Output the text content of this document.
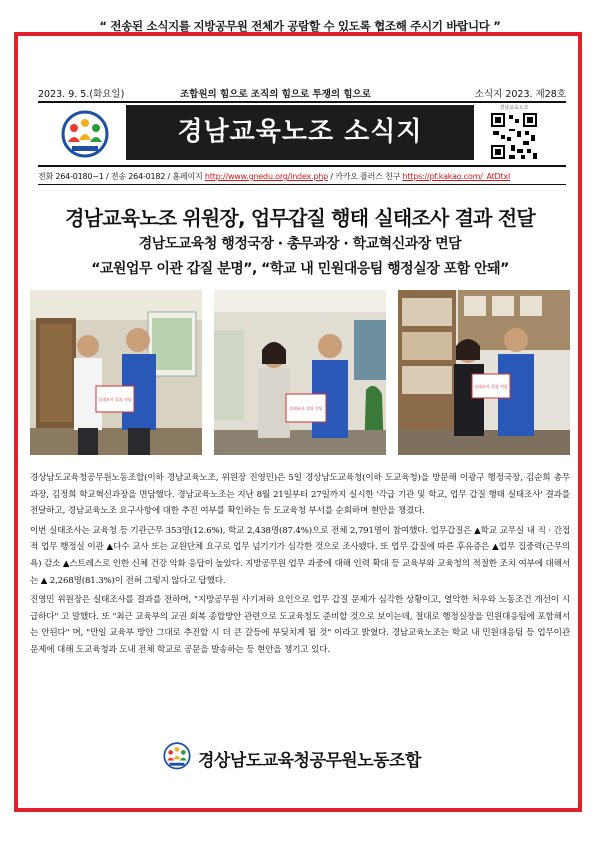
“ 전송된 소식지를 지방공무원 전체가 공람할 수 있도록 협조해 주시기 바랍니다 ”
2023. 9. 5.(화요일)	조합원의 힘으로 조직의 힘으로 투쟁의 힘으로	소식지 2023. 제28호
경남교육노조 소식지
경남교육노조
전화 264-0180~1 / 전송 264-0182 / 홈페이지 http://www.gnedu.org/index.php / 카카오 플러스 친구 https://pf.kakao.com/_AtDtxl
경남교육노조 위원장, 업무갑질 행태 실태조사 결과 전달
경남도교육청 행정국장 · 총무과장 · 학교혁신과장 면담
“교원업무 이관 갑질 분명”, “학교 내 민원대응팀 행정실장 포함 안돼”
실태조사 결과 전달
실태조사 결과 전달
실태조사 결과 전달

경상남도교육청공무원노동조합(이하 경남교육노조, 위원장 진영민)은 5일 경상남도교육청(이하 도교육청)을 방문해 이광구 행정국장, 김순희 총무과장, 김정희 학교혁신과장을 면담했다. 경남교육노조는 지난 8월 21일부터 27일까지 실시한 '각급 기관 및 학교, 업무 갑질 행태 실태조사' 결과를 전달하고, 경남교육노조 요구사항에 대한 추진 여부를 확인하는 등 도교육청 부서를 순회하며 현안을 챙겼다.

이번 실태조사는 교육청 등 기관근무 353명(12.6%), 학교 2,438명(87.4%)으로 전체 2,791명이 참여했다. 업무갑질은 ▲학교 교무실 내 직 · 간접적 업무 행정실 이관 ▲다수 교사 또는 교원단체 요구로 업무 넘기기가 심각한 것으로 조사됐다. 또 업무 갑질에 따른 후유증은 ▲업무 집중력(근무의욕) 감소 ▲스트레스로 인한 신체 건강 악화 응답이 높았다. 지방공무원 업무 과중에 대해 인력 확대 등 교육부와 교육청의 적절한 조치 여부에 대해서는 ▲ 2,268명(81.3%)이 전혀 그렇지 않다고 답했다.

진영민 위원장은 실태조사를 결과를 전하며, "지방공무원 사기저하 요인으로 업무 갑질 문제가 심각한 상황이고, 열악한 처우와 노동조건 개선이 시급하다" 고 말했다. 또 "최근 교육부의 교권 회복 종합방안 관련으로 도교육청도 준비할 것으로 보이는데, 절대로 행정실장을 민원대응팀에 포함해서는 안된다" 며, "만일 교육부 방안 그대로 추진할 시 더 큰 갈등에 부딪치게 될 것" 이라고 밝혔다. 경남교육노조는 학교 내 민원대응팀 등 업무이관 문제에 대해 도교육청과 도내 전체 학교로 공문을 발송하는 등 현안을 챙기고 있다.

경상남도교육청공무원노동조합
